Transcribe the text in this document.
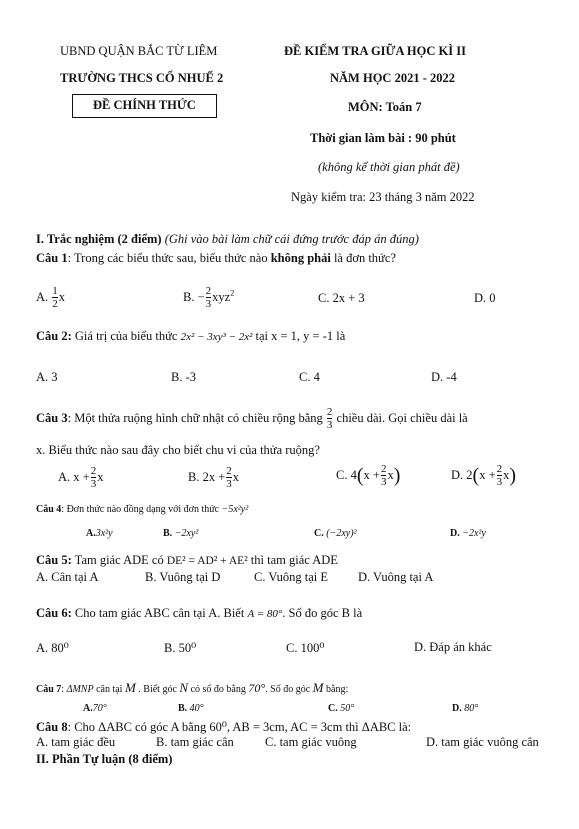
UBND QUẬN BẮC TỪ LIÊM
TRƯỜNG THCS CỔ NHUẾ 2
ĐỀ CHÍNH THỨC
ĐỀ KIỂM TRA GIỮA HỌC KÌ II
NĂM HỌC 2021 - 2022
MÔN: Toán 7
Thời gian làm bài : 90 phút
(không kể thời gian phát đề)
Ngày kiểm tra: 23 tháng 3 năm 2022
I. Trắc nghiệm (2 điểm) (Ghi vào bài làm chữ cái đứng trước đáp án đúng)
Câu 1: Trong các biểu thức sau, biểu thức nào không phải là đơn thức?
A. $\frac{1}{2}$ x	B. − $\frac{2}{3} xyz^2$	C. 2x + 3	D. 0
Câu 2: Giá trị của biểu thức 2x² − 3xy³ − 2x² tại x = 1, y = -1 là
A. 3	B. -3	C. 4	D. -4
Câu 3: Một thửa ruộng hình chữ nhật có chiều rộng bằng $\frac{2}{3}$ chiều dài. Gọi chiều dài là
x. Biểu thức nào sau đây cho biết chu vi của thửa ruộng?
A. $x + \frac{2}{3}$ x	B. $2x + \frac{2}{3}$ x	C. $4(x + \frac{2}{3} x)$	D. $2(x + \frac{2}{3} x)$
Câu 4: Đơn thức nào đồng dạng với đơn thức −5x²y²
A.3x²y	B. −2xy²	C. (−2xy)²	D. −2x²y
Câu 5: Tam giác ADE có DE² = AD² + AE² thì tam giác ADE
A. Cân tại A	B. Vuông tại D	C. Vuông tại E D. Vuông tại A
Câu 6: Cho tam giác ABC cân tại A. Biết A = 80°. Số đo góc B là
A. 80⁰	B. 50⁰	C. 100⁰	D. Đáp án khác
Câu 7: ΔMNP cân tại M . Biết góc N có số đo bằng 70°. Số đo góc M bằng:
A.70°	B. 40°	C. 50°	D. 80°
Câu 8: Cho ΔABC có góc A bằng 60⁰, AB = 3cm, AC = 3cm thì ΔABC là:
A. tam giác đều	B. tam giác cân	C. tam giác vuông	D. tam giác vuông cân
II. Phần Tự luận (8 điểm)
